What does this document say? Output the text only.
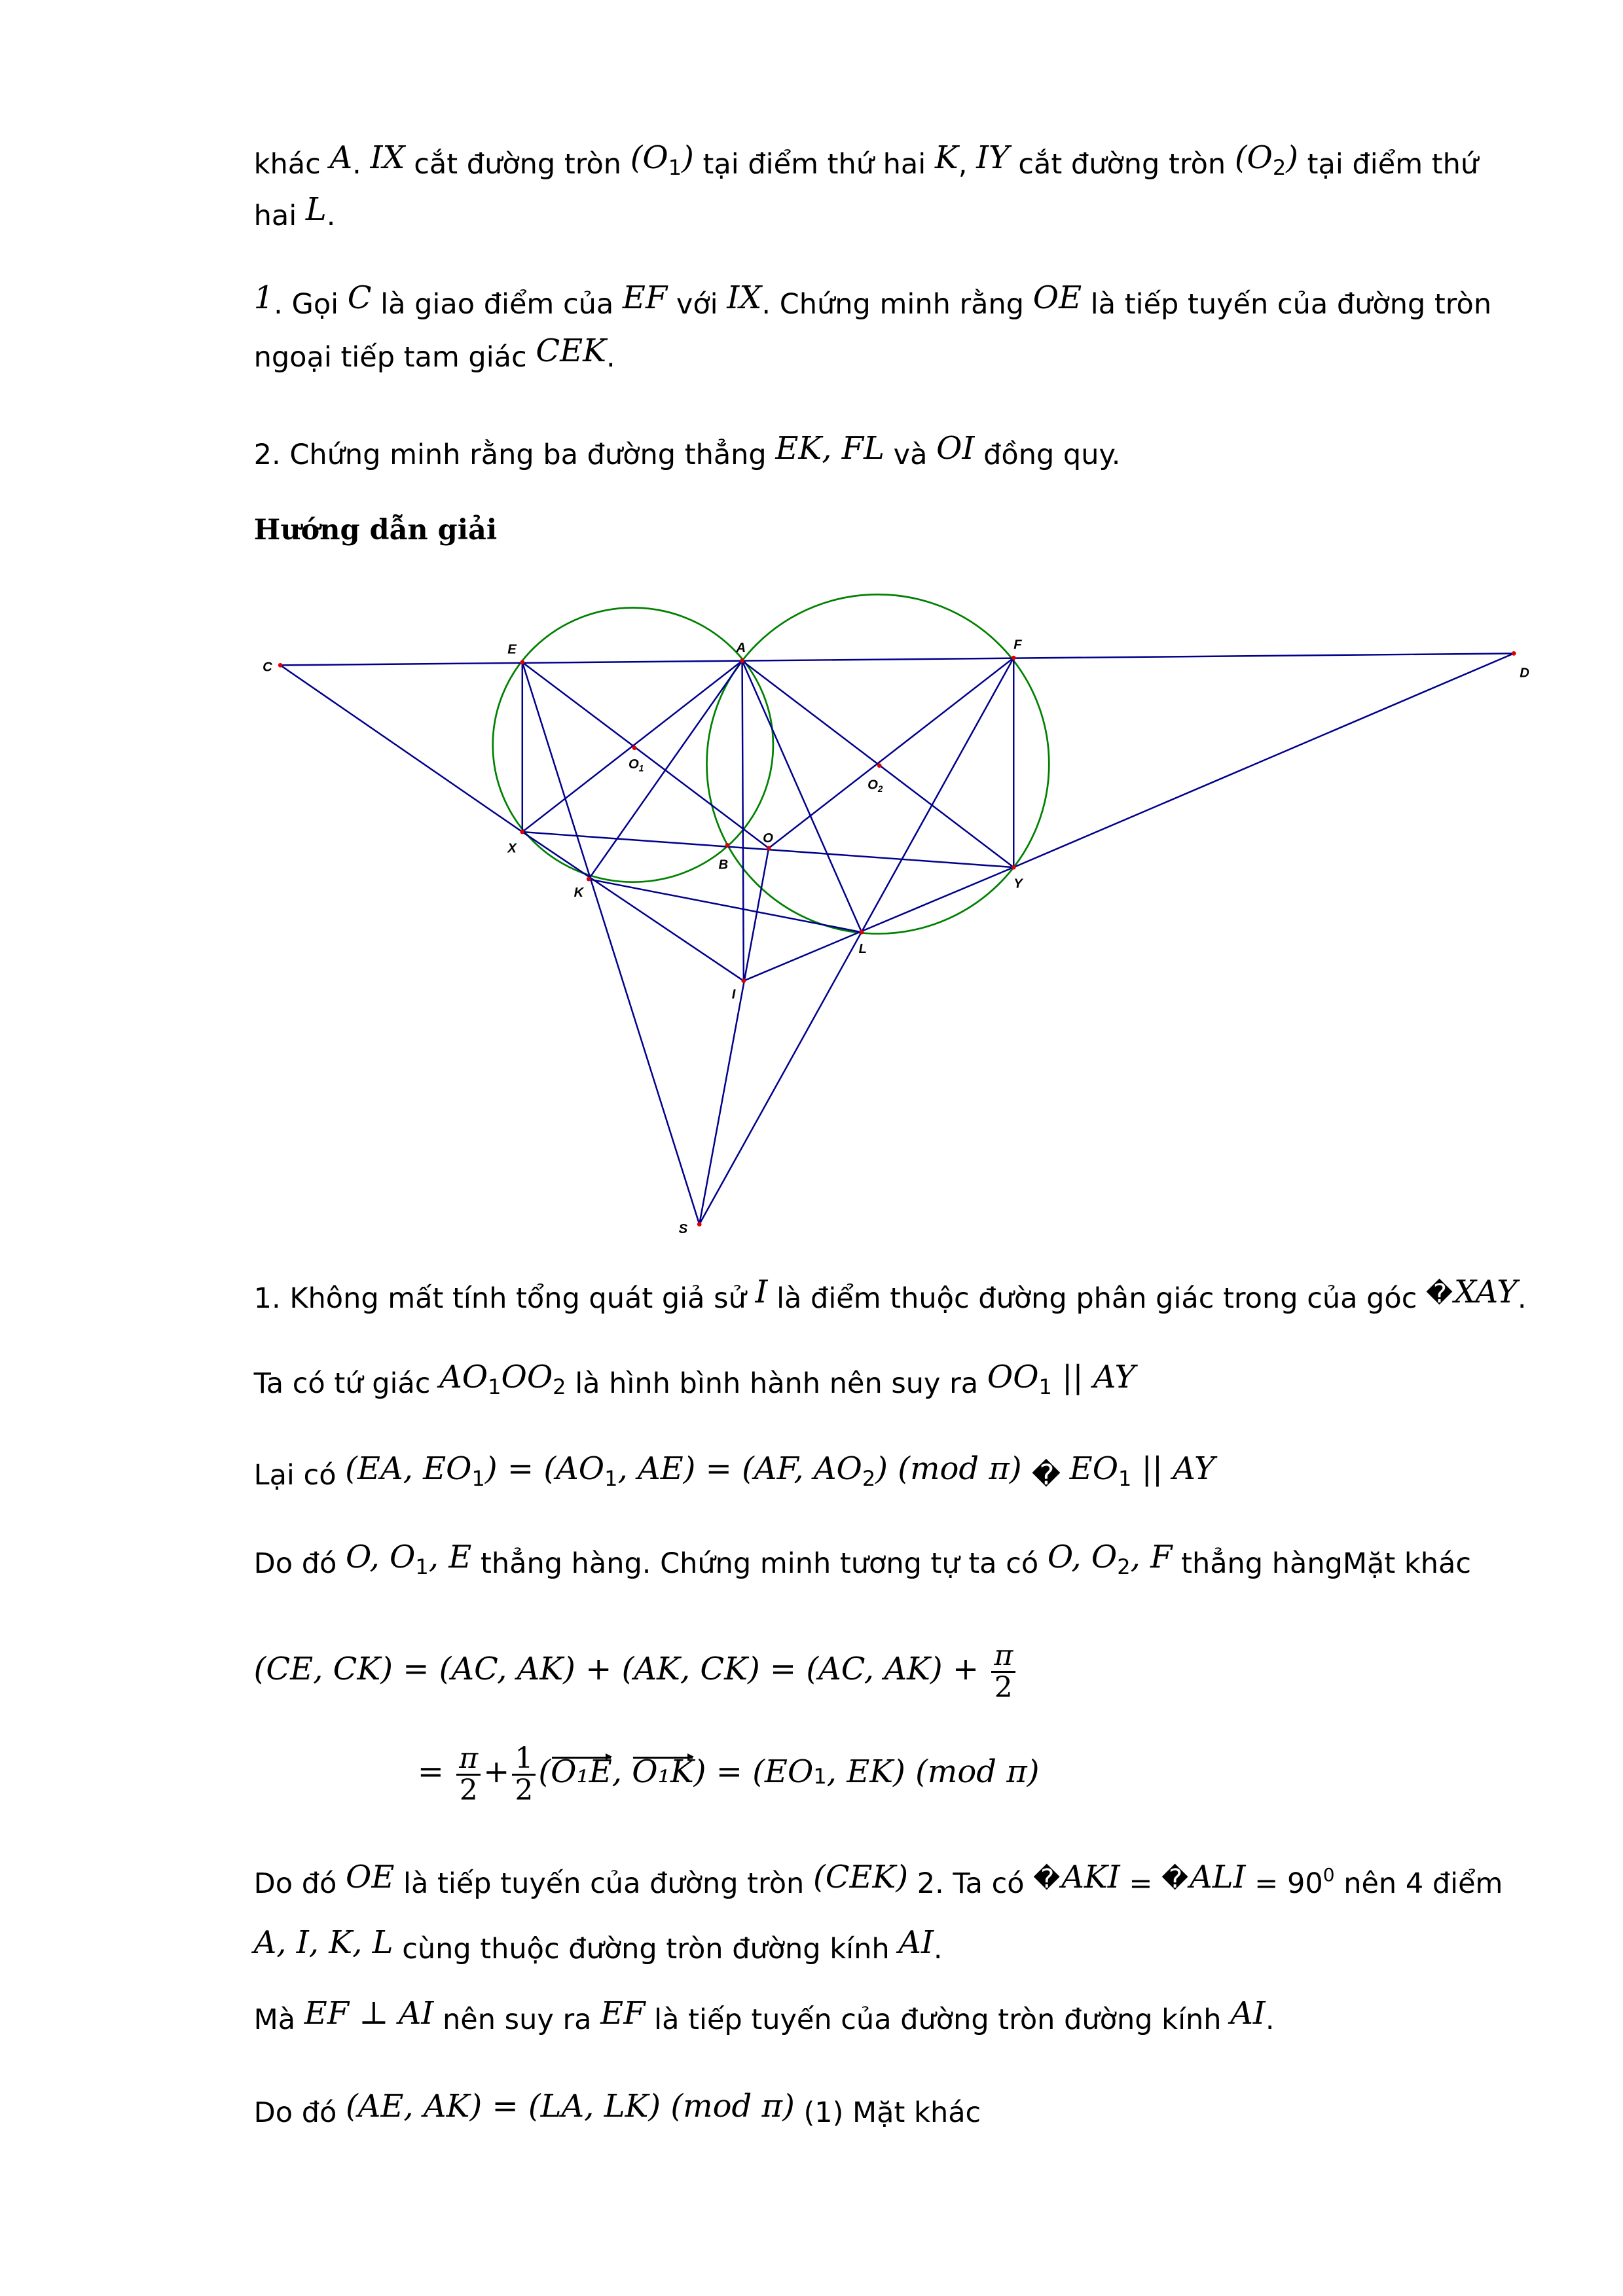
khác A. IX cắt đường tròn (O1) tại điểm thứ hai K, IY cắt đường tròn (O2) tại điểm thứ
hai L.
1. Gọi C là giao điểm của EF với IX. Chứng minh rằng OE là tiếp tuyến của đường tròn
ngoại tiếp tam giác CEK.
2. Chứng minh rằng ba đường thẳng EK, FL và OI đồng quy.
Hướng dẫn giải
1. Không mất tính tổng quát giả sử I là điểm thuộc đường phân giác trong của góc �XAY.
Ta có tứ giác AO1OO2 là hình bình hành nên suy ra OO1 || AY
Lại có (EA, EO1) = (AO1, AE) = (AF, AO2) (mod π) � EO1 || AY
Do đó O, O1, E thẳng hàng. Chứng minh tương tự ta có O, O2, F thẳng hàngMặt khác
(CE, CK) = (AC, AK) + (AK, CK) = (AC, $AK) + \frac{\pi}{2}$
= $\frac{\pi}{2} + \frac{1}{2} (O_1E$, O₁K) = (EO1, EK) (mod π)
Do đó OE là tiếp tuyến của đường tròn (CEK) 2. Ta có �AKI = �ALI = $90^0$ nên 4 điểm
A, I, K, L cùng thuộc đường tròn đường kính AI.
Mà EF ⊥ AI nên suy ra EF là tiếp tuyến của đường tròn đường kính AI.
Do đó (AE, AK) = (LA, LK) (mod π) (1) Mặt khác
C
E	A	F
D
$O_1$
$O_2$
X
B
O
Y
K
L
I
S
